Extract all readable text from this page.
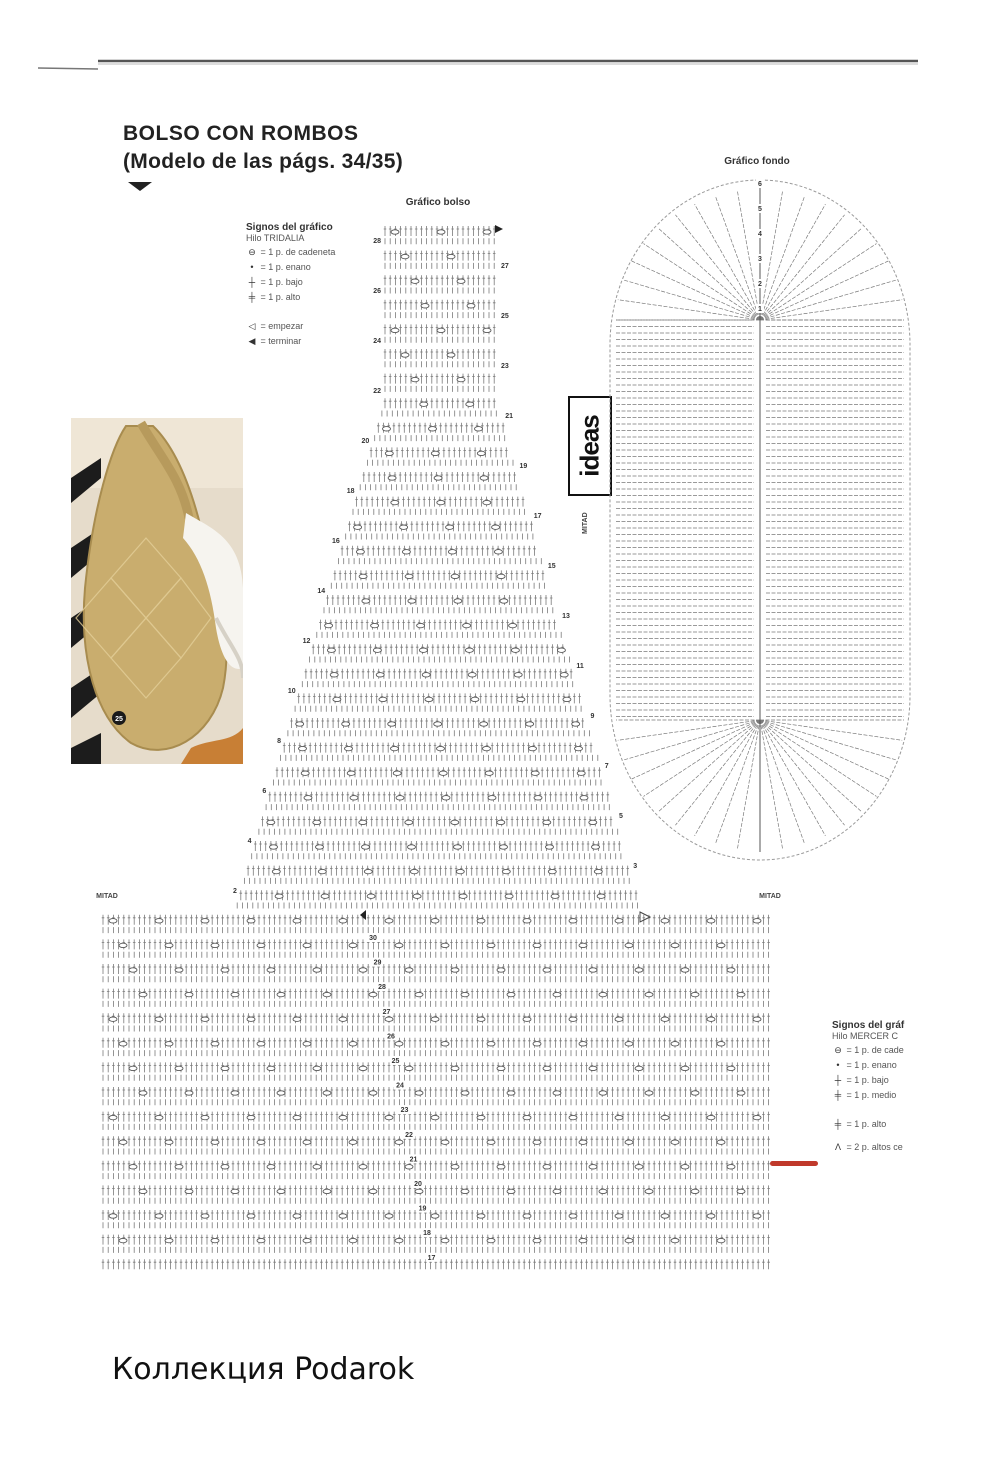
BOLSO CON ROMBOS
(Modelo de las págs. 34/35)
Signos del gráfico
Hilo TRIDALIA
⊖ = 1 p. de cadeneta
• = 1 p. enano
┼ = 1 p. bajo
╪ = 1 p. alto
◁ = empezar
◀ = terminar
25
ideas
MITAD
Gráfico bolso
Gráfico fondo
27
25
23
21
19
17
15
13
11
9
7
5
3
28
26
24
22
20
18
16
14
12
10
8
6
4
2
30
29
28
27
26
25
24
23
22
21
20
19
18
17
6
5
4
3
2
1
MITAD	MITAD
Signos del gráf
Hilo MERCER C
⊖ = 1 p. de cade
• = 1 p. enano
┼ = 1 p. bajo
╪ = 1 p. medio
╪ = 1 p. alto
Λ = 2 p. altos ce
Коллекция Podarok
